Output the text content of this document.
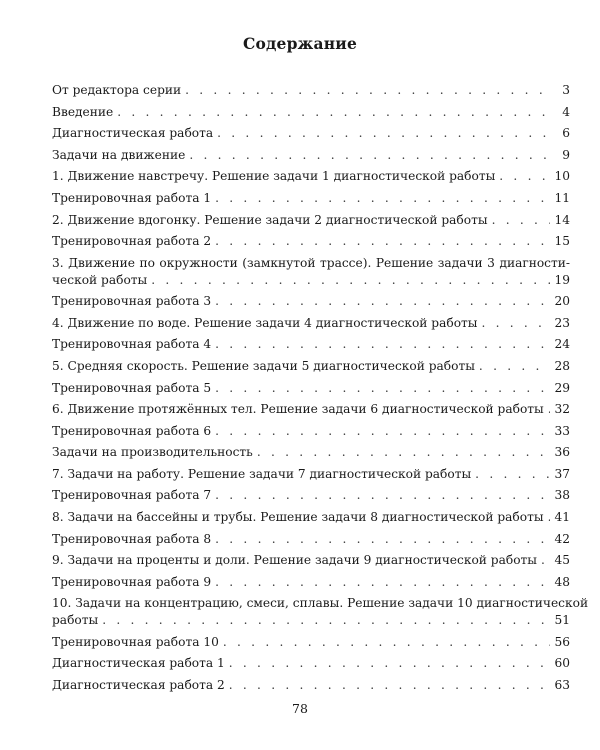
Содержание
От редактора серии . . .	3
Введение . . .	4
Диагностическая работа . . .	6
Задачи на движение . . .	9
1. Движение навстречу. Решение задачи 1 диагностической работы . . .	10
Тренировочная работа 1 . . .	11
2. Движение вдогонку. Решение задачи 2 диагностической работы . . .	14
Тренировочная работа 2 . . .	15
3. Движение по окружности (замкнутой трассе). Решение задачи 3 диагности-
ческой работы . . .	19
Тренировочная работа 3 . . .	20
4. Движение по воде. Решение задачи 4 диагностической работы . . .	23
Тренировочная работа 4 . . .	24
5. Средняя скорость. Решение задачи 5 диагностической работы . . .	28
Тренировочная работа 5 . . .	29
6. Движение протяжённых тел. Решение задачи 6 диагностической работы . . . 32
Тренировочная работа 6 . . .	33
Задачи на производительность . . .	36
7. Задачи на работу. Решение задачи 7 диагностической работы . . .	37
Тренировочная работа 7 . . .	38
8. Задачи на бассейны и трубы. Решение задачи 8 диагностической работы . . . 41
Тренировочная работа 8 . . .	42
9. Задачи на проценты и доли. Решение задачи 9 диагностической работы . . . 45
Тренировочная работа 9 . . .	48
10. Задачи на концентрацию, смеси, сплавы. Решение задачи 10 диагностической
работы . . .	51
Тренировочная работа 10 . . .	56
Диагностическая работа 1 . . .	60
Диагностическая работа 2 . . .	63
78
